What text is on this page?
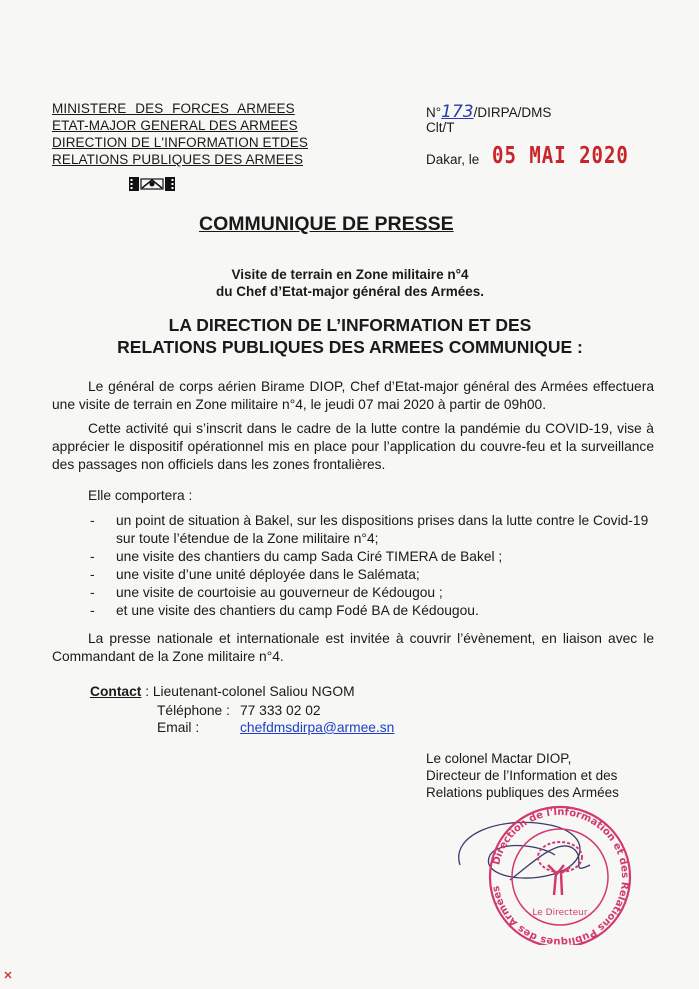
MINISTERE DES FORCES ARMEES
ETAT-MAJOR GENERAL DES ARMEES
DIRECTION DE L'INFORMATION ETDES
RELATIONS PUBLIQUES DES ARMEES
N°173/DIRPA/DMS
Clt/T
Dakar, le 05 MAI 2020
COMMUNIQUE DE PRESSE
Visite de terrain en Zone militaire n°4
du Chef d’Etat-major général des Armées.
LA DIRECTION DE L’INFORMATION ET DES
RELATIONS PUBLIQUES DES ARMEES COMMUNIQUE :
Le général de corps aérien Birame DIOP, Chef d’Etat-major général des Armées effectuera une visite de terrain en Zone militaire n°4, le jeudi 07 mai 2020 à partir de 09h00.
Cette activité qui s’inscrit dans le cadre de la lutte contre la pandémie du COVID-19, vise à apprécier le dispositif opérationnel mis en place pour l’application du couvre-feu et la surveillance des passages non officiels dans les zones frontalières.
Elle comportera :
- un point de situation à Bakel, sur les dispositions prises dans la lutte contre le Covid-19 sur toute l’étendue de la Zone militaire n°4;
- une visite des chantiers du camp Sada Ciré TIMERA de Bakel ;
- une visite d’une unité déployée dans le Salémata;
- une visite de courtoisie au gouverneur de Kédougou ;
- et une visite des chantiers du camp Fodé BA de Kédougou.
La presse nationale et internationale est invitée à couvrir l’évènement, en liaison avec le Commandant de la Zone militaire n°4.
Contact : Lieutenant-colonel Saliou NGOM
Téléphone : 77 333 02 02
Email :	chefdmsdirpa@armee.sn
Le colonel Mactar DIOP,
Directeur de l’Information et des
Relations publiques des Armées
Direction de l'Information et des Relations Publiques des Armées
Le Directeur
